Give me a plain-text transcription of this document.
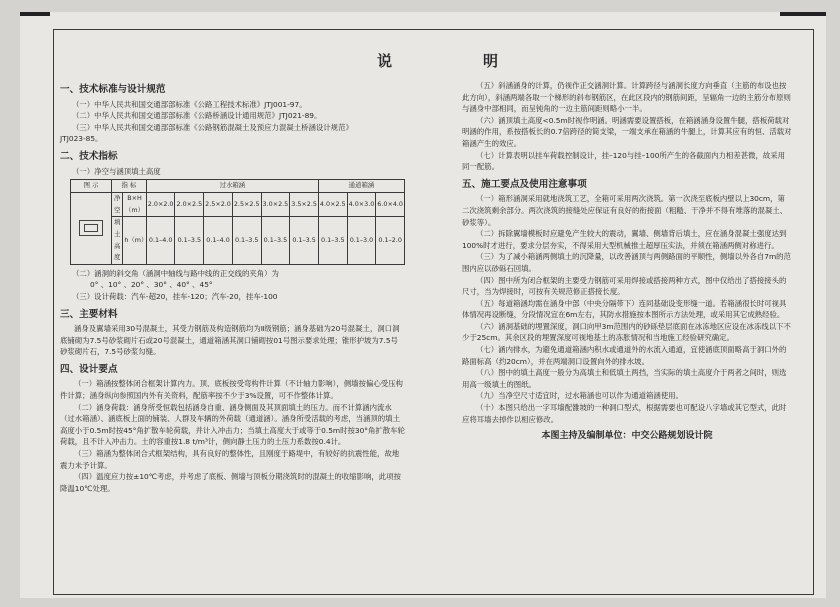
说	明
一、技术标准与设计规范

（一）中华人民共和国交通部部标准《公路工程技术标准》JTJ001-97。

（二）中华人民共和国交通部部标准《公路桥涵设计通用规范》JTJ021-89。

（三）中华人民共和国交通部部标准《公路钢筋混凝土及预应力混凝土桥涵设计规范》

JTJ023-85。

二、技术指标

（一）净空与涵顶填土高度

图 示	指 标		过水箱涵						通道箱涵		
	净 空	B×H（m）	2.0×2.0	2.0×2.5	2.5×2.0	2.5×2.5	3.0×2.5	3.5×2.5	4.0×2.5	4.0×3.0	6.0×4.0
	填土高度	h（m）	0.1–4.0	0.1–3.5	0.1–4.0	0.1–3.5	0.1–3.5	0.1–3.5	0.1–3.5	0.1–3.0	0.1–2.0

（二）涵洞的斜交角（涵洞中轴线与路中线的正交线的夹角）为

0° 、10° 、20° 、30° 、40° 、45°

（三）设计荷载：汽车-超20，挂车-120；汽车-20，挂车-100

三、主要材料

涵身及翼墙采用30号混凝土，其受力钢筋及构造钢筋均为Ⅱ级钢筋；涵身基础为20号混凝土，洞口洞底铺砌为7.5号砂浆砌片石或20号混凝土，通道箱涵其洞口铺砌按01号图示要求处理；锥形护坡为7.5号砂浆砌片石，7.5号砂浆勾缝。

四、设计要点

（一）箱涵按整体闭合框架计算内力。顶、底板按受弯构件计算（不计轴力影响），侧墙按偏心受压构件计算；涵身纵向参照国内外有关资料，配筋率按不少于3%设置，可不作整体计算。

（二）涵身荷载：涵身所受恒载包括涵身自重、涵身侧面及其顶面填土的压力。而不计算涵内流水（过水箱涵）、涵底板上面的铺装、人群及车辆的外荷载（通道涵）。涵身所受活载的考虑，当涵顶的填土高度小于0.5m时按45°角扩散车轮荷载，并计入冲击力；当填土高度大于或等于0.5m时按30°角扩散车轮荷载，且不计入冲击力。土的容重按1.8 t/m³计，侧向静土压力的土压力系数按0.4计。

（三）箱涵为整体闭合式框架结构，具有良好的整体性，且刚度于路堤中，有较好的抗震性能，故地震力未予计算。

（四）温度应力按±10℃考虑，并考虑了底板、侧墙与顶板分期浇筑时的混凝土的收缩影响，此项按降温10℃处理。

（五）斜涵涵身的计算，仍视作正交涵洞计算。计算跨径与涵洞长度方向垂直（主筋的布设也按此方向），斜涵两端各取一个梯形的斜布钢筋区，在此区段内的钢筋间距，呈辐角一边的主筋分布原则与涵身中部相同，而呈钝角的一边主筋间距则略小一半。

（六）涵顶填土高度<0.5m时视作明涵。明涵需要设置搭板，在箱涵涵身设置牛腿，搭板荷载对明涵的作用，系按搭板长的0.7倍跨径的简支梁，一端支承在箱涵的牛腿上，计算其应有的恒、活载对箱涵产生的效应。

（七）计算表明以挂车荷载控制设计，挂–120与挂–100所产生的各截面内力相差甚微，故采用同一配筋。

五、施工要点及使用注意事项

（一）箱形涵洞采用就地浇筑工艺，全箱可采用两次浇筑。第一次浇至底板内壁以上30cm，第二次浇筑剩余部分。两次浇筑的接缝处应保证有良好的衔接面（粗糙、干净并不得有堆落的混凝土、砂浆等）。

（二）拆除翼墙模板时应避免产生较大的震动，翼墙、侧墙背后填土，应在涵身混凝土强度达到100%时才进行，要求分层夯实，不得采用大型机械推土超厚压实法，并须在箱涵两侧对称进行。

（三）为了减小箱涵两侧填土的沉降量，以改善涵顶与两侧路面的平顺性，侧墙以外各自7m的范围内应以砂砾石回填。

（四）图中所为闭合框架的主要受力钢筋可采用焊接或搭接两种方式，图中仅给出了搭接接头的尺寸，当为焊接时，可按有关规范修正搭接长度。

（五）每道箱涵均需在涵身中部（中央分隔带下）连同基础设变形缝一道。若箱涵很长时可视具体情况再设断缝，分段情况宜在6m左右，其防水措施按本图所示方法处理，或采用其它成熟经验。

（六）涵洞基础的埋置深度，洞口向甲3m范围内的砂砾垫层底面在冰冻地区应设在冰冻线以下不少于25cm。其余区段的埋置深度可视地基土的冻胀情况和当地施工经验研究确定。

（七）涵内排水，为避免通道箱涵内积水或通道外的水流入通道，宜使涵底顶面略高于洞口外的路面标高（约20cm），并在两端洞口设置向外的排水坡。

（八）图中的填土高度一般分为高填土和低填土两挡，当实际的填土高度介于两者之间时，则选用高一级填土的图纸。

（九）当净空尺寸适宜时，过水箱涵也可以作为通道箱涵使用。

（十）本图只给出一字耳墙配雒坡的一种洞口型式，根据需要也可配设八字墙或其它型式，此时应将耳墙去掉作以相应修改。

本图主持及编制单位：中交公路规划设计院
